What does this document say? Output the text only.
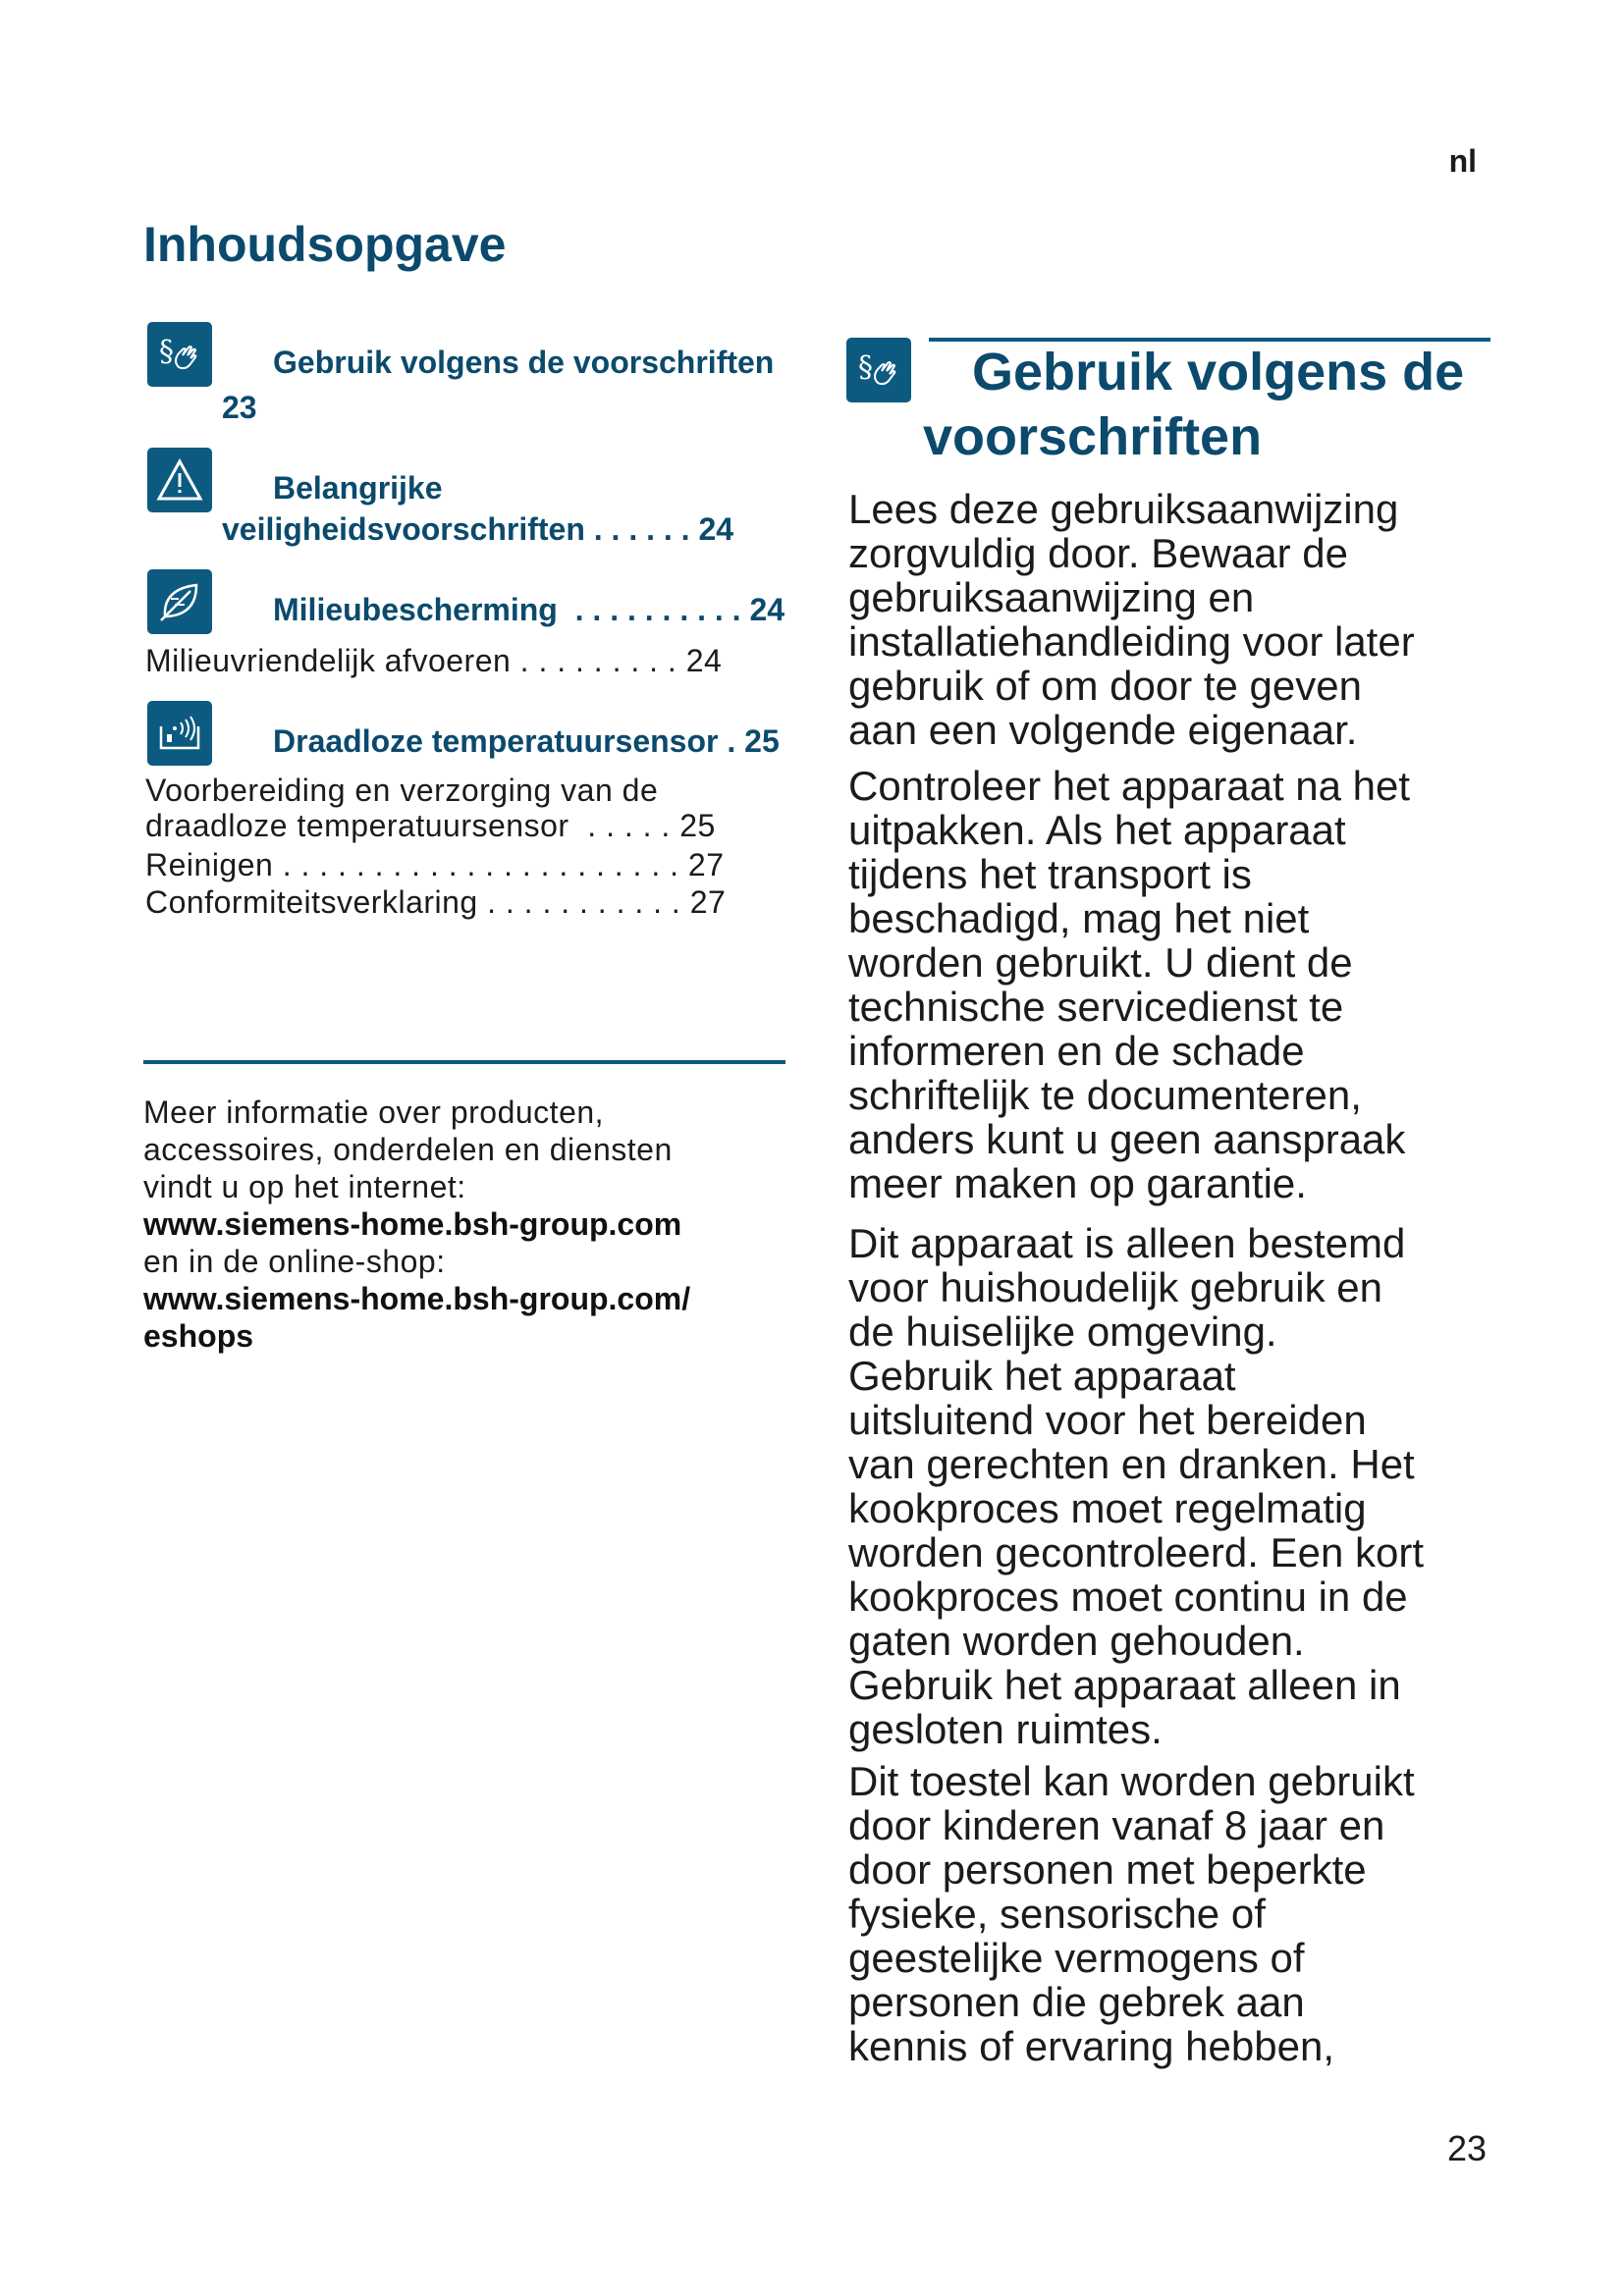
nl
Inhoudsopgave
§	Gebruik volgens de voorschriften
23
Belangrijke
veiligheidsvoorschriften . . . . . . 24
Milieubescherming  . . . . . . . . . . 24
Milieuvriendelijk afvoeren . . . . . . . . . 24
Draadloze temperatuursensor . 25
Voorbereiding en verzorging van de
draadloze temperatuursensor  . . . . . 25
Reinigen . . . . . . . . . . . . . . . . . . . . . . 27
Conformiteitsverklaring . . . . . . . . . . . 27
Meer informatie over producten,
accessoires, onderdelen en diensten
vindt u op het internet:
www.siemens-home.bsh-group.com
en in de online-shop:
www.siemens-home.bsh-group.com/
eshops
§ Gebruik volgens de
voorschriften
Lees deze gebruiksaanwijzing
zorgvuldig door. Bewaar de
gebruiksaanwijzing en
installatiehandleiding voor later
gebruik of om door te geven
aan een volgende eigenaar.
Controleer het apparaat na het
uitpakken. Als het apparaat
tijdens het transport is
beschadigd, mag het niet
worden gebruikt. U dient de
technische servicedienst te
informeren en de schade
schriftelijk te documenteren,
anders kunt u geen aanspraak
meer maken op garantie.
Dit apparaat is alleen bestemd
voor huishoudelijk gebruik en
de huiselijke omgeving.
Gebruik het apparaat
uitsluitend voor het bereiden
van gerechten en dranken. Het
kookproces moet regelmatig
worden gecontroleerd. Een kort
kookproces moet continu in de
gaten worden gehouden.
Gebruik het apparaat alleen in
gesloten ruimtes.
Dit toestel kan worden gebruikt
door kinderen vanaf 8 jaar en
door personen met beperkte
fysieke, sensorische of
geestelijke vermogens of
personen die gebrek aan
kennis of ervaring hebben,
23
